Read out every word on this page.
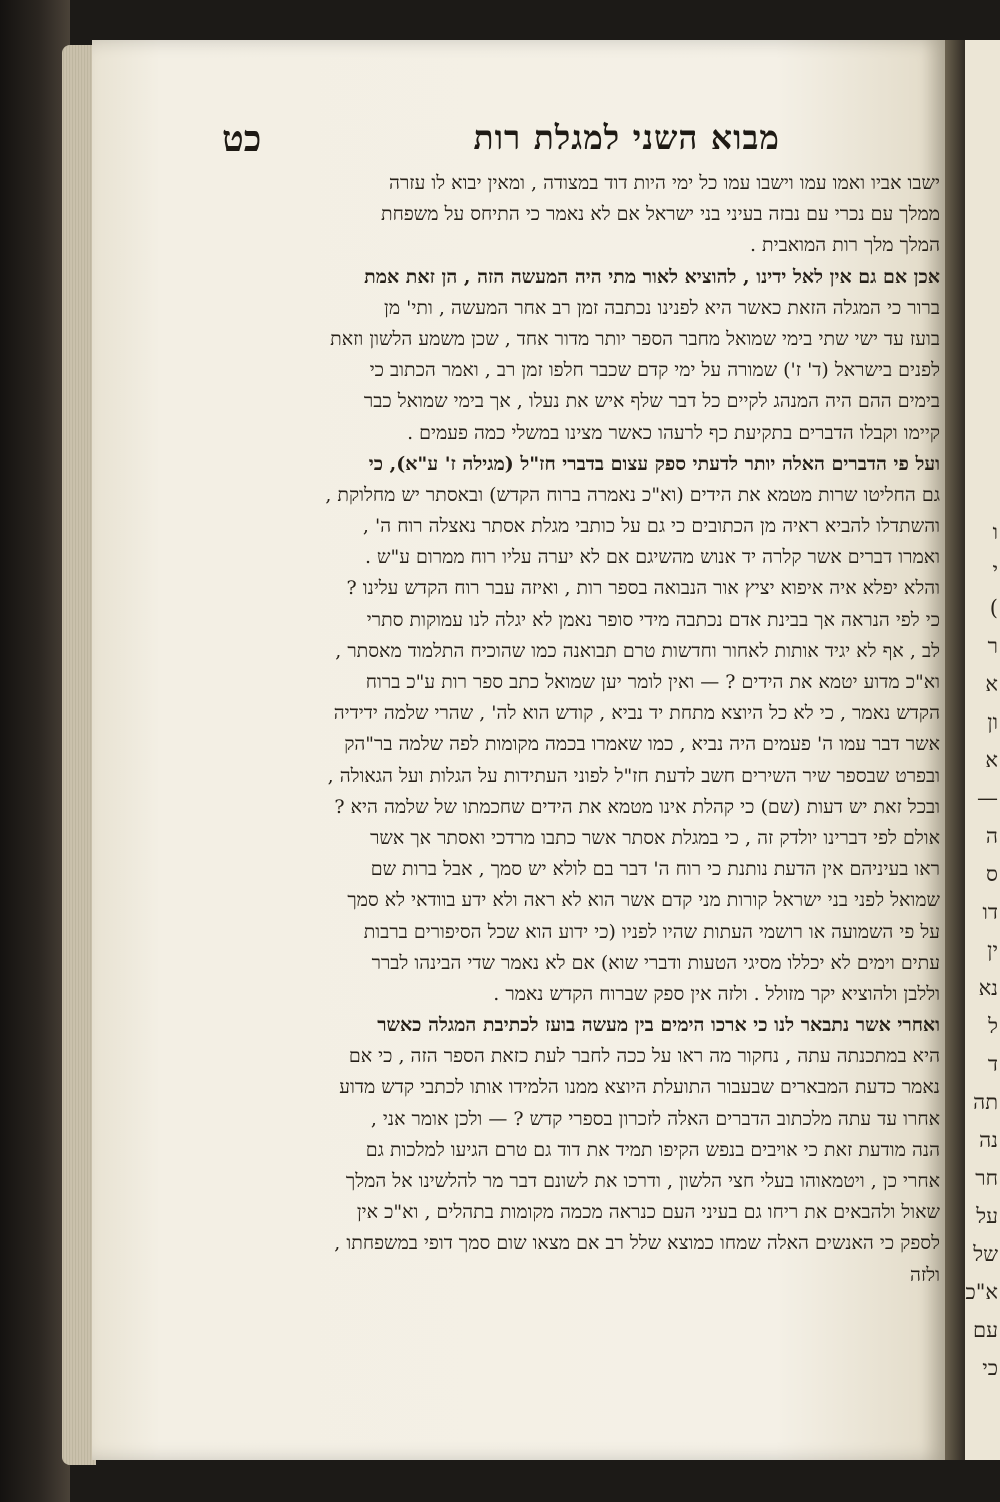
מבוא השני למגלת רות
כט
ישבו אביו ואמו עמו וישבו עמו כל ימי היות דוד במצודה , ומאין יבוא לו עזרה
ממלך עם נכרי עם נבזה בעיני בני ישראל אם לא נאמר כי התיחס על משפחת
המלך מלך רות המואבית .
אכן אם גם אין לאל ידינו , להוציא לאור מתי היה המעשה הזה , הן זאת אמת
ברור כי המגלה הזאת כאשר היא לפנינו נכתבה זמן רב אחר המעשה , ותי' מן
בועז עד ישי שתי בימי שמואל מחבר הספר יותר מדור אחד , שכן משמע הלשון וזאת
לפנים בישראל (ד' ז') שמורה על ימי קדם שכבר חלפו זמן רב , ואמר הכתוב כי
בימים ההם היה המנהג לקיים כל דבר שלף איש את נעלו , אך בימי שמואל כבר
קיימו וקבלו הדברים בתקיעת כף לרעהו כאשר מצינו במשלי כמה פעמים .
ועל פי הדברים האלה יותר לדעתי ספק עצום בדברי חז"ל (מגילה ז' ע"א), כי
גם החליטו שרות מטמא את הידים (וא"כ נאמרה ברוח הקדש) ובאסתר יש מחלוקת ,
והשתדלו להביא ראיה מן הכתובים כי גם על כותבי מגלת אסתר נאצלה רוח ה' ,
ואמרו דברים אשר קלרה יד אנוש מהשיגם אם לא יערה עליו רוח ממרום ע"ש .
והלא יפלא איה איפוא יציץ אור הנבואה בספר רות , ואיזה עבר רוח הקדש עלינו ?
כי לפי הנראה אך בבינת אדם נכתבה מידי סופר נאמן לא יגלה לנו עמוקות סתרי
לב , אף לא יגיד אותות לאחור וחדשות טרם תבואנה כמו שהוכיח התלמוד מאסתר ,
וא"כ מדוע יטמא את הידים ? — ואין לומר יען שמואל כתב ספר רות ע"כ ברוח
הקדש נאמר , כי לא כל היוצא מתחת יד נביא , קודש הוא לה' , שהרי שלמה ידידיה
אשר דבר עמו ה' פעמים היה נביא , כמו שאמרו בכמה מקומות לפה שלמה בר"הק
ובפרט שבספר שיר השירים חשב לדעת חז"ל לפוני העתידות על הגלות ועל הגאולה ,
ובכל זאת יש דעות (שם) כי קהלת אינו מטמא את הידים שחכמתו של שלמה היא ?
אולם לפי דברינו יולדק זה , כי במגלת אסתר אשר כתבו מרדכי ואסתר אך אשר
ראו בעיניהם אין הדעת נותנת כי רוח ה' דבר בם לולא יש סמך , אבל ברות שם
שמואל לפני בני ישראל קורות מני קדם אשר הוא לא ראה ולא ידע בוודאי לא סמך
על פי השמועה או רושמי העתות שהיו לפניו (כי ידוע הוא שכל הסיפורים ברבות
עתים וימים לא יכללו מסיגי הטעות ודברי שוא) אם לא נאמר שדי הבינהו לברר
וללבן ולהוציא יקר מזולל . ולזה אין ספק שברוח הקדש נאמר .
ואחרי אשר נתבאר לנו כי ארכו הימים בין מעשה בועז לכתיבת המגלה כאשר
היא במתכנתה עתה , נחקור מה ראו על ככה לחבר לעת כזאת הספר הזה , כי אם
נאמר כדעת המבארים שבעבור התועלת היוצא ממנו הלמידו אותו לכתבי קדש מדוע
אחרו עד עתה מלכתוב הדברים האלה לזכרון בספרי קדש ? — ולכן אומר אני ,
הנה מודעת זאת כי אויבים בנפש הקיפו תמיד את דוד גם טרם הגיעו למלכות גם
אחרי כן , ויטמאוהו בעלי חצי הלשון , ודרכו את לשונם דבר מר להלשינו אל המלך
שאול ולהבאים את ריחו גם בעיני העם כנראה מכמה מקומות בתהלים , וא"כ אין
לספק כי האנשים האלה שמחו כמוצא שלל רב אם מצאו שום סמך דופי במשפחתו ,
ולזה
ו
י
)
ר
א
ון
א
—
ה
ס
דו
ין
נא
ל
ד
תה
נה
חר
על
של
א"כ
עם
כי
